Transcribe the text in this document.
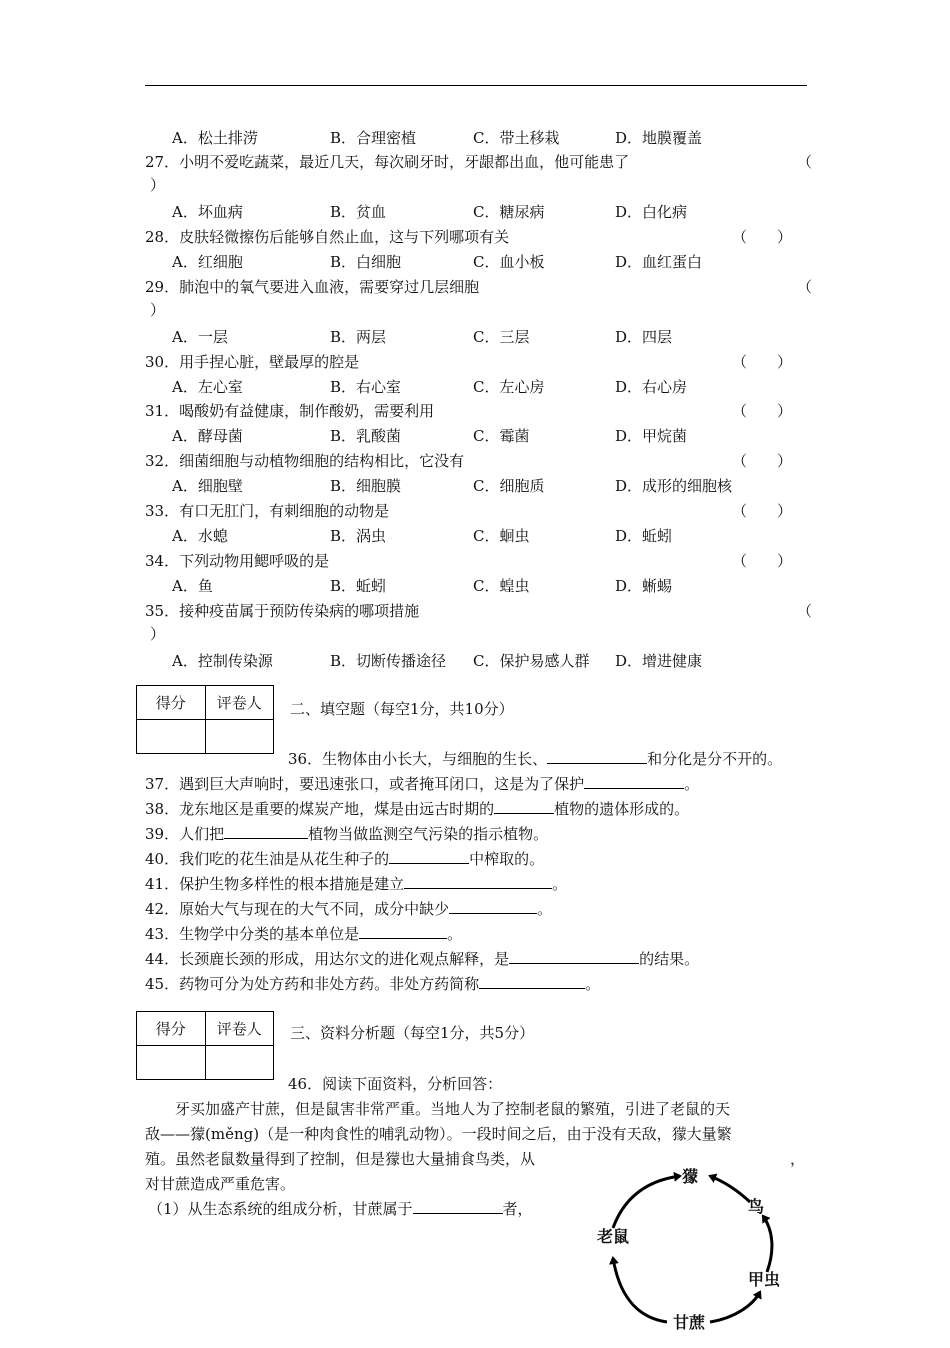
A．松土排涝	B．合理密植	C．带土移栽	D．地膜覆盖
27．小明不爱吃蔬菜，最近几天，每次刷牙时，牙龈都出血，他可能患了	（
）
A．坏血病	B．贫血	C．糖尿病	D．白化病
28．皮肤轻微擦伤后能够自然止血，这与下列哪项有关	（　　）
A．红细胞	B．白细胞	C．血小板	D．血红蛋白
29．肺泡中的氧气要进入血液，需要穿过几层细胞	（
）
A．一层	B．两层	C．三层	D．四层
30．用手捏心脏，壁最厚的腔是	（　　）
A．左心室	B．右心室	C．左心房	D．右心房
31．喝酸奶有益健康，制作酸奶，需要利用	（　　）
A．酵母菌	B．乳酸菌	C．霉菌	D．甲烷菌
32．细菌细胞与动植物细胞的结构相比，它没有	（　　）
A．细胞壁	B．细胞膜	C．细胞质	D．成形的细胞核
33．有口无肛门，有刺细胞的动物是	（　　）
A．水螅	B．涡虫	C．蛔虫	D．蚯蚓
34．下列动物用鳃呼吸的是	（　　）
A．鱼	B．蚯蚓	C．蝗虫	D．蜥蜴
35．接种疫苗属于预防传染病的哪项措施	（
）
A．控制传染源	B．切断传播途径 C．保护易感人群 D．增进健康
得分	评卷人
	二、填空题（每空1分，共10分）
36．生物体由小长大，与细胞的生长、	和分化是分不开的。
37．遇到巨大声响时，要迅速张口，或者掩耳闭口，这是为了保护	。
38．龙东地区是重要的煤炭产地，煤是由远古时期的	植物的遗体形成的。
39．人们把	植物当做监测空气污染的指示植物。
40．我们吃的花生油是从花生种子的	中榨取的。
41．保护生物多样性的根本措施是建立	。
42．原始大气与现在的大气不同，成分中缺少	。
43．生物学中分类的基本单位是	。
44．长颈鹿长颈的形成，用达尔文的进化观点解释，是	的结果。
45．药物可分为处方药和非处方药。非处方药简称	。
得分	评卷人
	三、资料分析题（每空1分，共5分）
46．阅读下面资料，分析回答：
牙买加盛产甘蔗，但是鼠害非常严重。当地人为了控制老鼠的繁殖，引进了老鼠的天
敌——獴(měng)（是一种肉食性的哺乳动物）。一段时间之后，由于没有天敌，獴大量繁
殖。虽然老鼠数量得到了控制，但是獴也大量捕食鸟类，从	，
对甘蔗造成严重危害。
（1）从生态系统的组成分析，甘蔗属于	者，
獴
鸟
老鼠
甲虫
甘蔗
